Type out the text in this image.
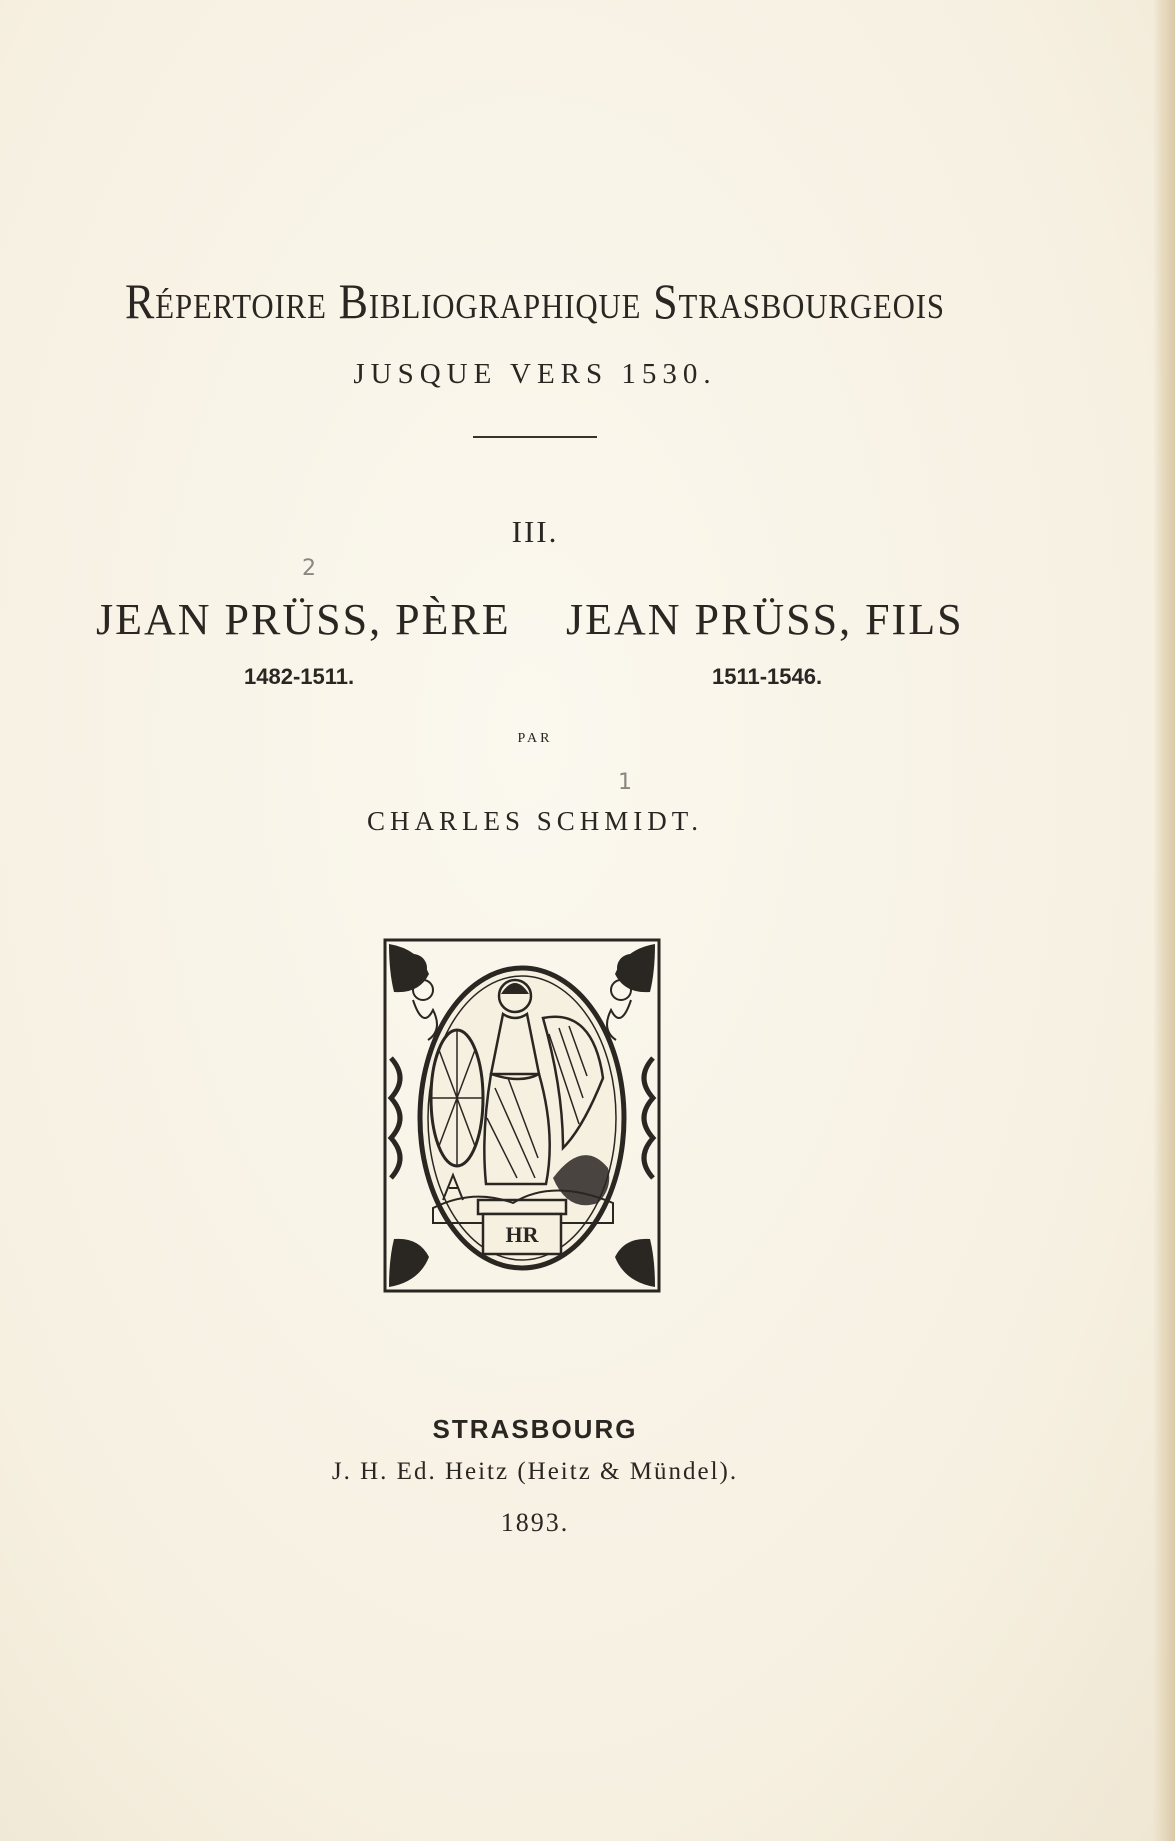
Répertoire Bibliographique Strasbourgeois
JUSQUE VERS 1530.
III.
JEAN PRÜSS, PÈRE JEAN PRÜSS, FILS
1482-1511.	1511-1546.
PAR
CHARLES SCHMIDT.
2
1
HR
STRASBOURG
J. H. Ed. Heitz (Heitz & Mündel).
1893.
